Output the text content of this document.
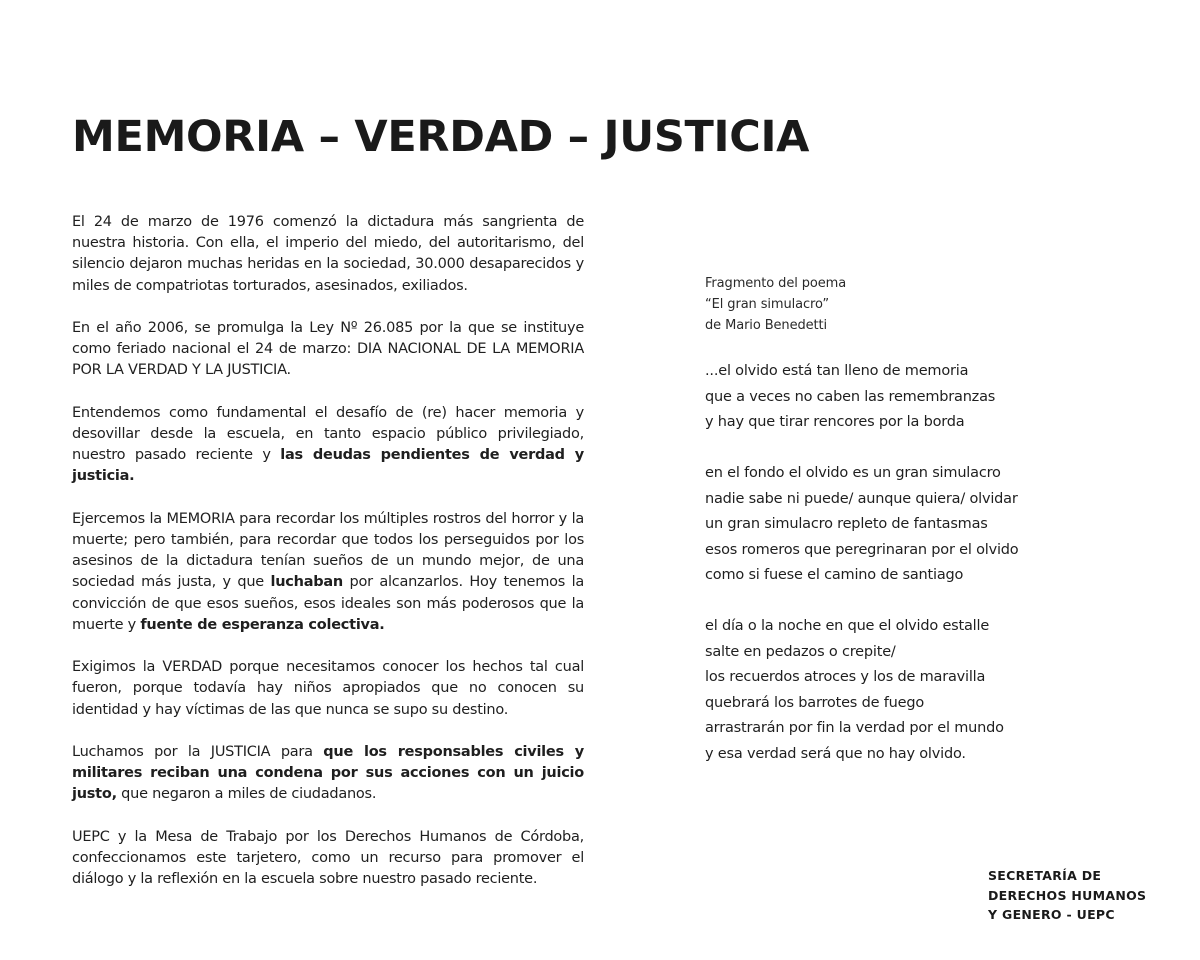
MEMORIA – VERDAD – JUSTICIA

El 24 de marzo de 1976 comenzó la dictadura más sangrienta de nuestra historia. Con ella, el imperio del miedo, del autoritarismo, del silencio dejaron muchas heridas en la sociedad, 30.000 desaparecidos y miles de compatriotas torturados, asesinados, exiliados.

En el año 2006, se promulga la Ley Nº 26.085 por la que se instituye como feriado nacional el 24 de marzo: DIA NACIONAL DE LA MEMORIA POR LA VERDAD Y LA JUSTICIA.

Entendemos como fundamental el desafío de (re) hacer memoria y desovillar desde la escuela, en tanto espacio público privilegiado, nuestro pasado reciente y las deudas pendientes de verdad y justicia.

Ejercemos la MEMORIA para recordar los múltiples rostros del horror y la muerte; pero también, para recordar que todos los perseguidos por los asesinos de la dictadura tenían sueños de un mundo mejor, de una sociedad más justa, y que luchaban por alcanzarlos. Hoy tenemos la convicción de que esos sueños, esos ideales son más poderosos que la muerte y fuente de esperanza colectiva.

Exigimos la VERDAD porque necesitamos conocer los hechos tal cual fueron, porque todavía hay niños apropiados que no conocen su identidad y hay víctimas de las que nunca se supo su destino.

Luchamos por la JUSTICIA para que los responsables civiles y militares reciban una condena por sus acciones con un juicio justo, que negaron a miles de ciudadanos.

UEPC y la Mesa de Trabajo por los Derechos Humanos de Córdoba, confeccionamos este tarjetero, como un recurso para promover el diálogo y la reflexión en la escuela sobre nuestro pasado reciente.

Fragmento del poema
“El gran simulacro”
de Mario Benedetti
...el olvido está tan lleno de memoria
que a veces no caben las remembranzas
y hay que tirar rencores por la borda
en el fondo el olvido es un gran simulacro
nadie sabe ni puede/ aunque quiera/ olvidar
un gran simulacro repleto de fantasmas
esos romeros que peregrinaran por el olvido
como si fuese el camino de santiago
el día o la noche en que el olvido estalle
salte en pedazos o crepite/
los recuerdos atroces y los de maravilla
quebrará los barrotes de fuego
arrastrarán por fin la verdad por el mundo
y esa verdad será que no hay olvido.
SECRETARÍA DE
DERECHOS HUMANOS
Y GENERO - UEPC
